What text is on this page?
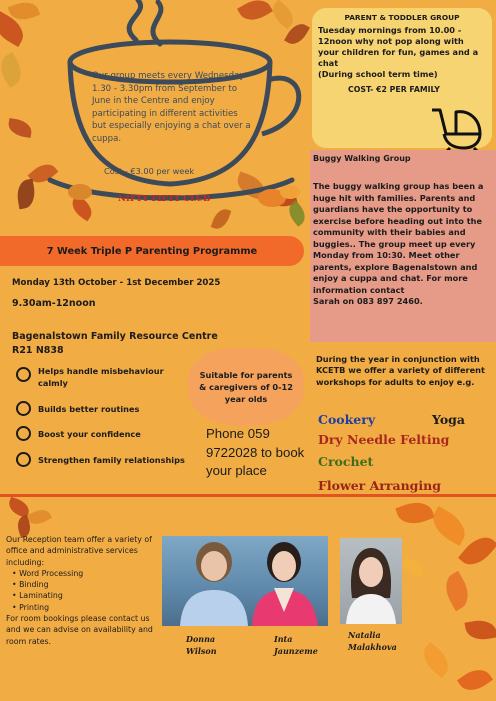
Our group meets every Wednesday 1.30 - 3.30pm from September to June in the Centre and enjoy participating in different activities but especially enjoying a chat over a cuppa.
Cost - €3.00 per week
NIFTY FIFTY CLUB
PARENT & TODDLER GROUP
Tuesday mornings from 10.00 - 12noon why not pop along with your children for fun, games and a chat
(During school term time)
COST- €2 PER FAMILY
Buggy Walking Group
The buggy walking group has been a huge hit with families. Parents and guardians have the opportunity to exercise before heading out into the community with their babies and buggies.. The group meet up every Monday from 10:30. Meet other parents, explore Bagenalstown and enjoy a cuppa and chat. For more information contact
Sarah on 083 897 2460.
During the year in conjunction with KCETB we offer a variety of different workshops for adults to enjoy e.g.
Cookery	Yoga
Dry Needle Felting
Crochet
Flower Arranging
7 Week Triple P Parenting Programme
Monday 13th October - 1st December 2025
9.30am-12noon
Bagenalstown Family Resource Centre
R21 N838
Helps handle misbehaviour calmly
Builds better routines
Boost your confidence
Strengthen family relationships
Suitable for parents & caregivers of 0-12 year olds
Phone 059 9722028 to book your place
Our Reception team offer a variety of office and administrative services including:
• Word Processing
• Binding
• Laminating
• Printing
For room bookings please contact us and we can advise on availability and room rates.	Donna
Wilson
Inta
Jaunzeme
Natalia
Malakhova
